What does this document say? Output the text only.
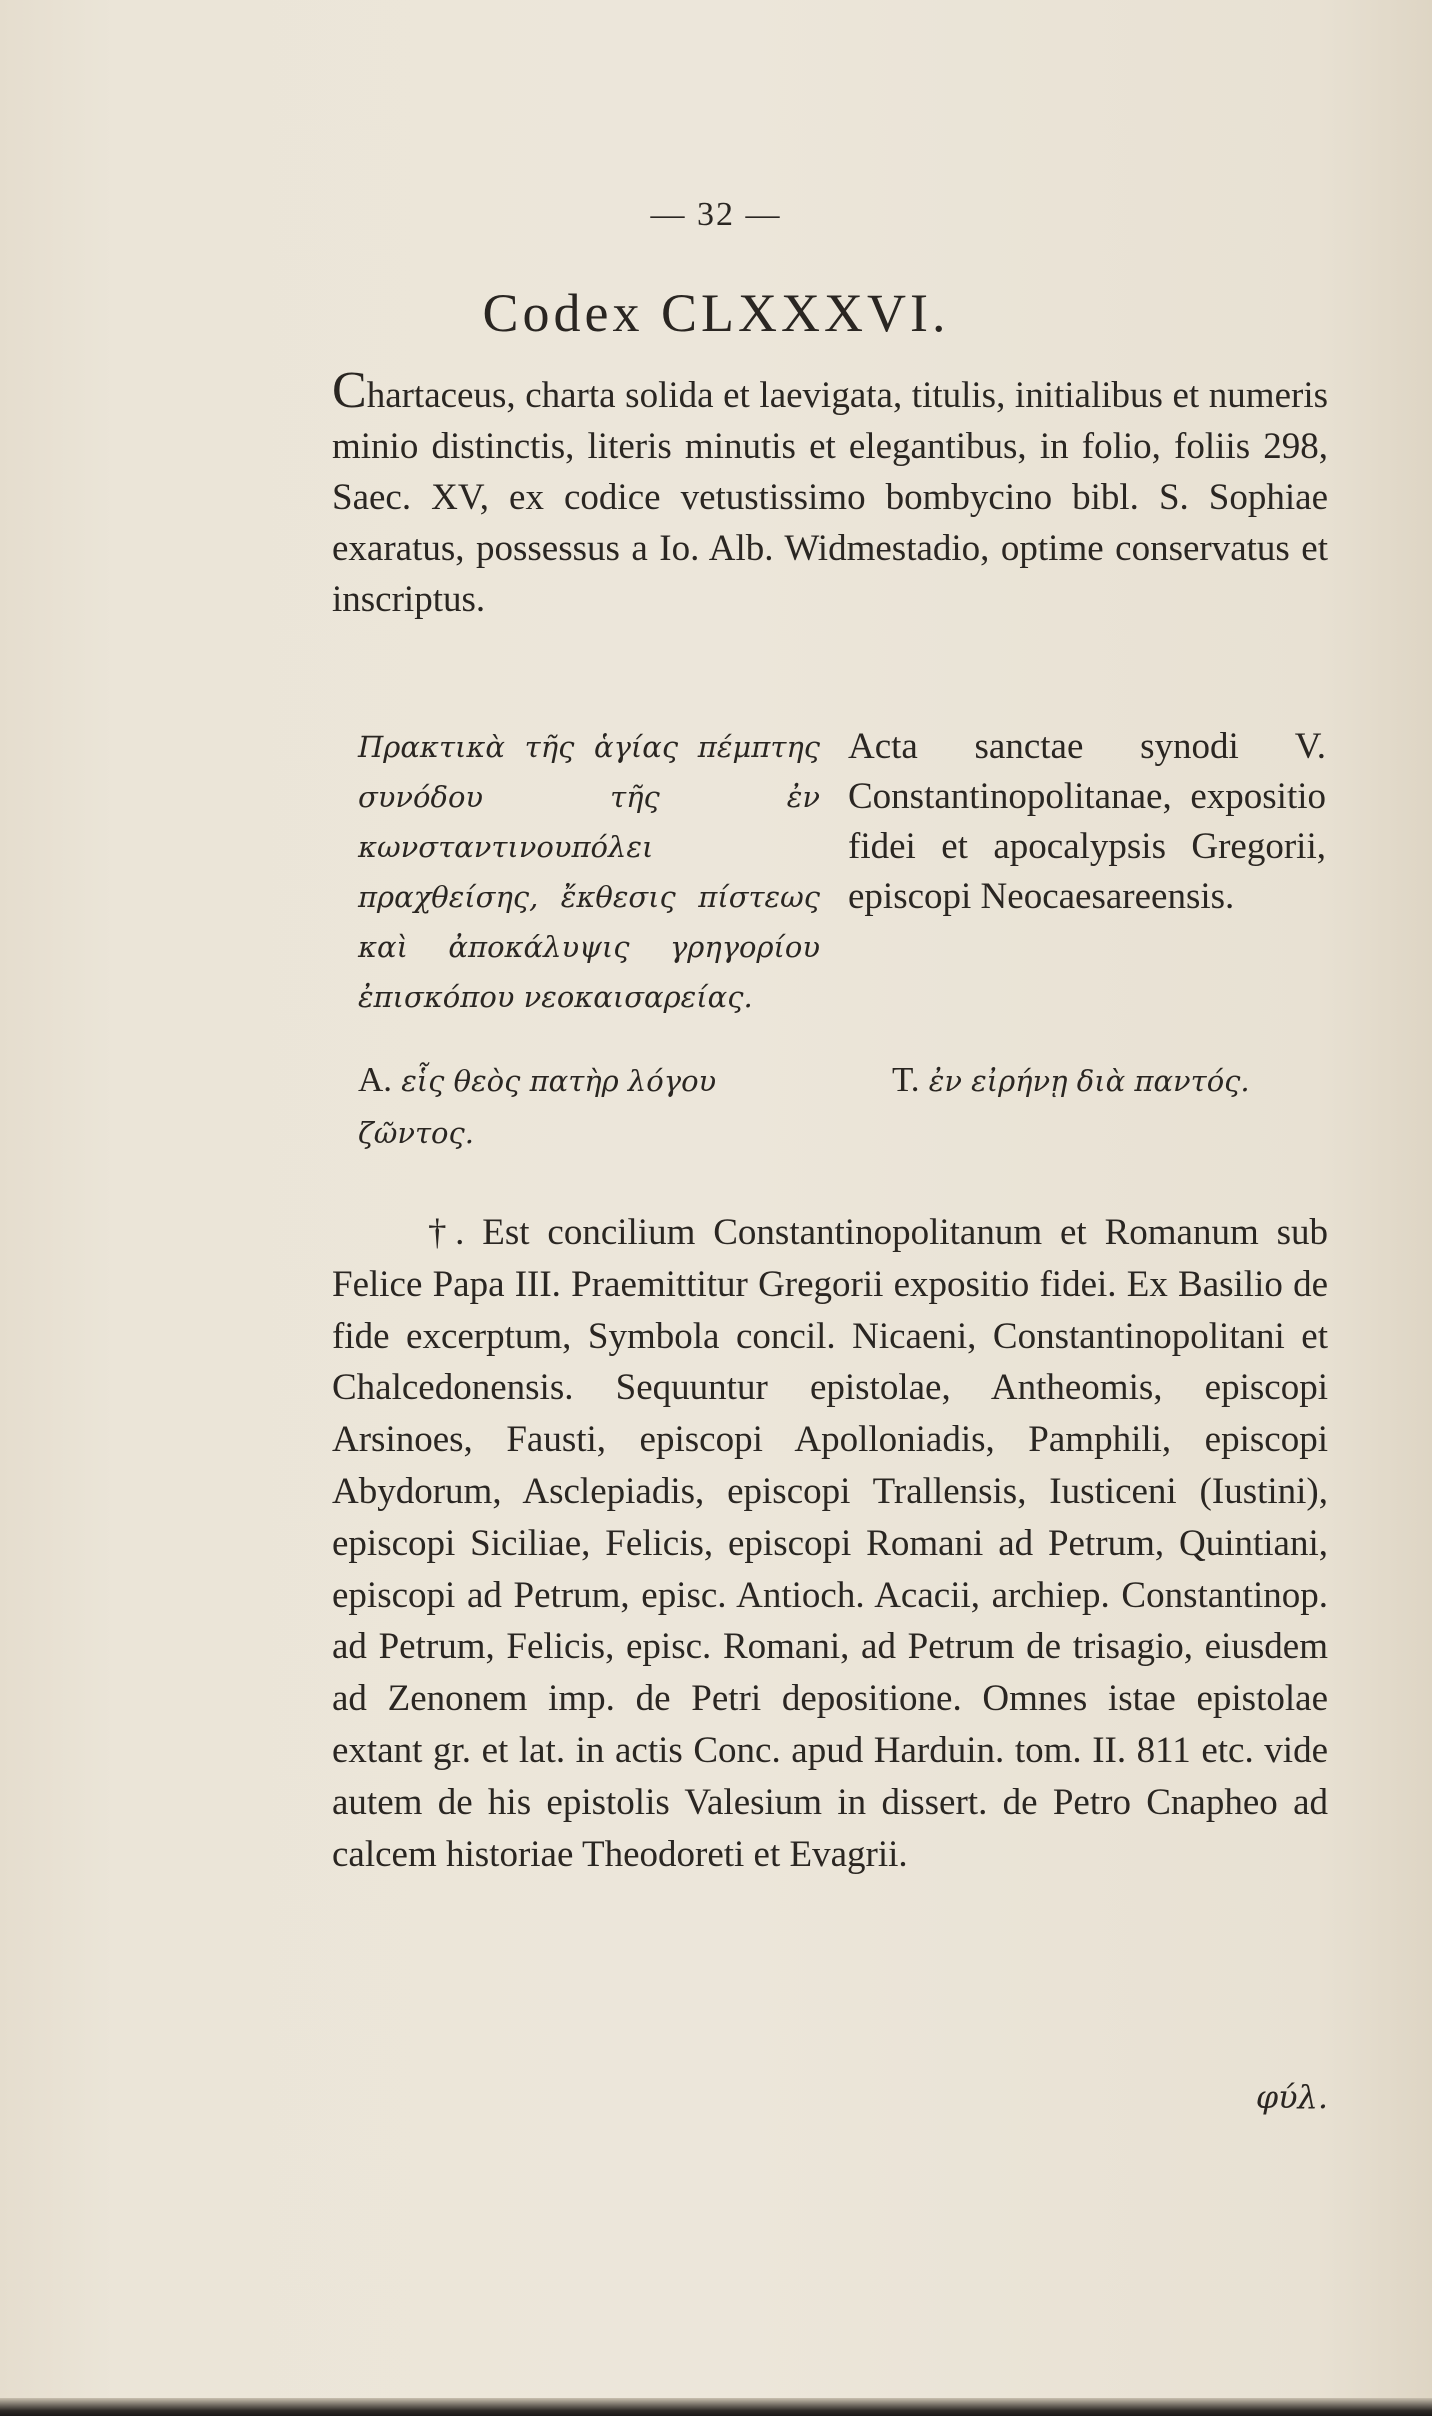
— 32 —
Codex CLXXXVI.
Chartaceus, charta solida et laevigata, titulis, initialibus et numeris minio distinctis, literis minutis et elegantibus, in folio, foliis 298, Saec. XV, ex codice vetustissimo bombycino bibl. S. Sophiae exaratus, possessus a Io. Alb. Widmestadio, optime conservatus et inscriptus.
Πρακτικὰ τῆς ἁγίας πέμπτης συνόδου τῆς ἐν κωνσταντινουπόλει πραχθείσης, ἔκθεσις πίστεως καὶ ἀποκάλυψις γρηγορίου ἐπισκόπου νεοκαισαρείας.
Acta sanctae synodi V. Constantinopolitanae, expositio fidei et apocalypsis Gregorii, episcopi Neocaesareensis.
A. εἷς θεὸς πατὴρ λόγου ζῶντος.
T. ἐν εἰρήνῃ διὰ παντός.
†. Est concilium Constantinopolitanum et Romanum sub Felice Papa III. Praemittitur Gregorii expositio fidei. Ex Basilio de fide excerptum, Symbola concil. Nicaeni, Constantinopolitani et Chalcedonensis. Sequuntur epistolae, Antheomis, episcopi Arsinoes, Fausti, episcopi Apolloniadis, Pamphili, episcopi Abydorum, Asclepiadis, episcopi Trallensis, Iusticeni (Iustini), episcopi Siciliae, Felicis, episcopi Romani ad Petrum, Quintiani, episcopi ad Petrum, episc. Antioch. Acacii, archiep. Constantinop. ad Petrum, Felicis, episc. Romani, ad Petrum de trisagio, eiusdem ad Zenonem imp. de Petri depositione. Omnes istae epistolae extant gr. et lat. in actis Conc. apud Harduin. tom. II. 811 etc. vide autem de his epistolis Valesium in dissert. de Petro Cnapheo ad calcem historiae Theodoreti et Evagrii.
φύλ.
